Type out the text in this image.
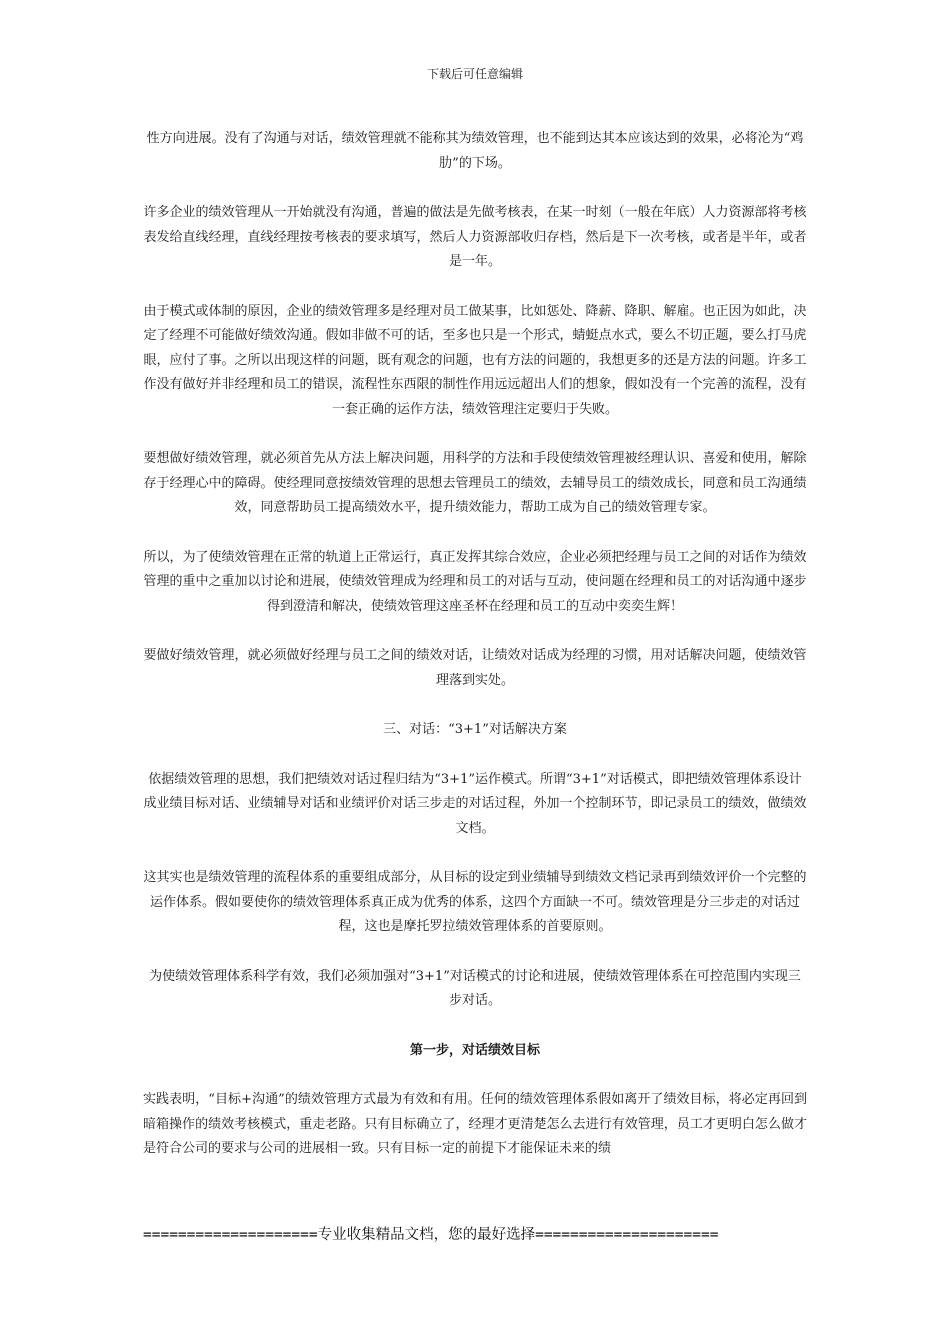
下载后可任意编辑

性方向进展。没有了沟通与对话，绩效管理就不能称其为绩效管理，也不能到达其本应该达到的效果，必将沦为“鸡肋”的下场。

许多企业的绩效管理从一开始就没有沟通，普遍的做法是先做考核表，在某一时刻（一般在年底）人力资源部将考核表发给直线经理，直线经理按考核表的要求填写，然后人力资源部收归存档，然后是下一次考核，或者是半年，或者是一年。

由于模式或体制的原因，企业的绩效管理多是经理对员工做某事，比如惩处、降薪、降职、解雇。也正因为如此，决定了经理不可能做好绩效沟通。假如非做不可的话，至多也只是一个形式，蜻蜓点水式，要么不切正题，要么打马虎眼，应付了事。之所以出现这样的问题，既有观念的问题，也有方法的问题的，我想更多的还是方法的问题。许多工作没有做好并非经理和员工的错误，流程性东西限的制性作用远远超出人们的想象，假如没有一个完善的流程，没有一套正确的运作方法，绩效管理注定要归于失败。

要想做好绩效管理，就必须首先从方法上解决问题，用科学的方法和手段使绩效管理被经理认识、喜爱和使用，解除存于经理心中的障碍。使经理同意按绩效管理的思想去管理员工的绩效，去辅导员工的绩效成长，同意和员工沟通绩效，同意帮助员工提高绩效水平，提升绩效能力，帮助工成为自己的绩效管理专家。

所以，为了使绩效管理在正常的轨道上正常运行，真正发挥其综合效应，企业必须把经理与员工之间的对话作为绩效管理的重中之重加以讨论和进展，使绩效管理成为经理和员工的对话与互动，使问题在经理和员工的对话沟通中逐步得到澄清和解决，使绩效管理这座圣杯在经理和员工的互动中奕奕生辉！

要做好绩效管理，就必须做好经理与员工之间的绩效对话，让绩效对话成为经理的习惯，用对话解决问题，使绩效管理落到实处。

三、对话：“3+1”对话解决方案

依据绩效管理的思想，我们把绩效对话过程归结为“3+1”运作模式。所谓“3+1”对话模式，即把绩效管理体系设计成业绩目标对话、业绩辅导对话和业绩评价对话三步走的对话过程，外加一个控制环节，即记录员工的绩效，做绩效文档。

这其实也是绩效管理的流程体系的重要组成部分，从目标的设定到业绩辅导到绩效文档记录再到绩效评价一个完整的运作体系。假如要使你的绩效管理体系真正成为优秀的体系，这四个方面缺一不可。绩效管理是分三步走的对话过程，这也是摩托罗拉绩效管理体系的首要原则。

为使绩效管理体系科学有效，我们必须加强对“3+1”对话模式的讨论和进展，使绩效管理体系在可控范围内实现三步对话。

第一步，对话绩效目标

实践表明，“目标+沟通”的绩效管理方式最为有效和有用。任何的绩效管理体系假如离开了绩效目标，将必定再回到暗箱操作的绩效考核模式，重走老路。只有目标确立了，经理才更清楚怎么去进行有效管理，员工才更明白怎么做才是符合公司的要求与公司的进展相一致。只有目标一定的前提下才能保证未来的绩

====================专业收集精品文档，您的最好选择=====================
